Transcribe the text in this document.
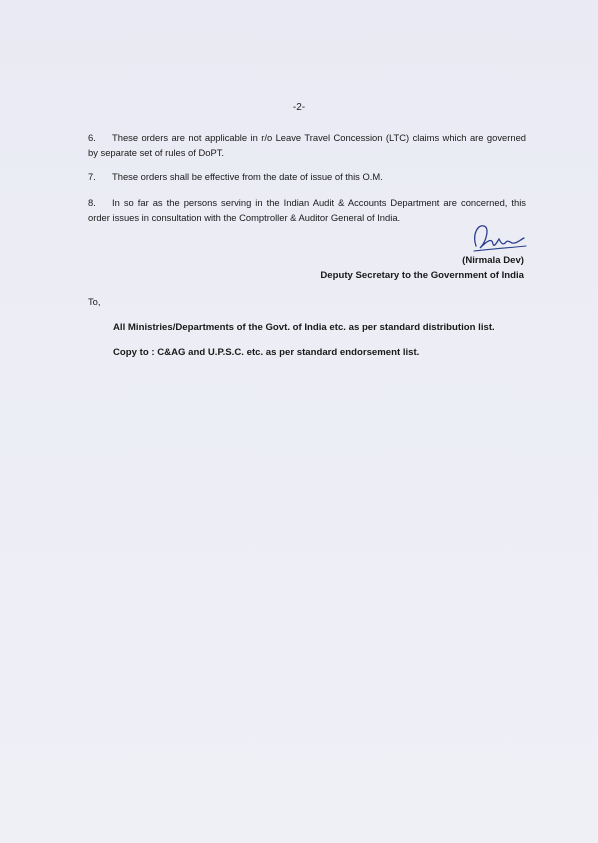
-2-
6. These orders are not applicable in r/o Leave Travel Concession (LTC) claims which are governed by separate set of rules of DoPT.
7. These orders shall be effective from the date of issue of this O.M.
8. In so far as the persons serving in the Indian Audit & Accounts Department are concerned, this order issues in consultation with the Comptroller & Auditor General of India.
(Nirmala Dev)
Deputy Secretary to the Government of India
To,
All Ministries/Departments of the Govt. of India etc. as per standard distribution list.
Copy to : C&AG and U.P.S.C. etc. as per standard endorsement list.
